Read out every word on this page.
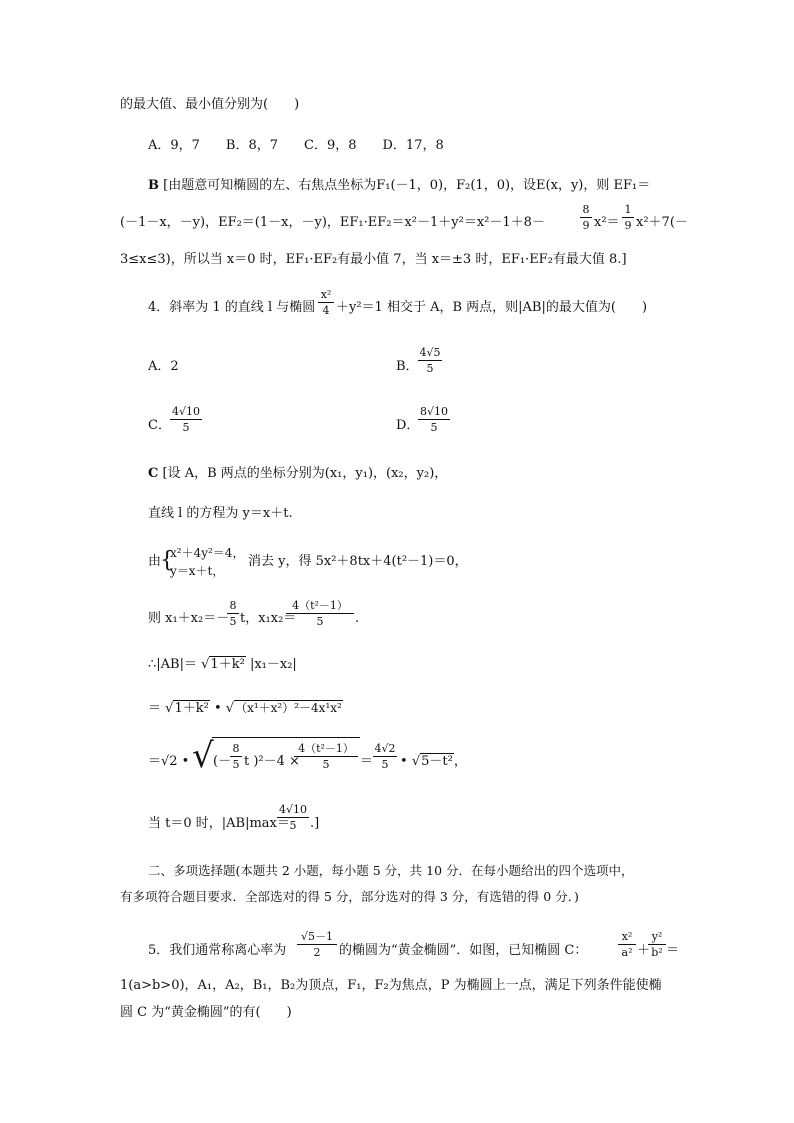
的最大值、最小值分别为(　　)
A．9，7　　B．8，7　　C．9，8　　D．17，8
B [由题意可知椭圆的左、右焦点坐标为F₁(－1，0)，F₂(1，0)，设E(x，y)，则 EF₁＝
(－1－x，－y)，EF₂＝(1－x，－y)，EF₁·EF₂＝x²－1＋y²＝x²－1＋8－
8
9 x²＝
1
9 x²＋7(－
3≤x≤3)，所以当 x＝0 时，EF₁·EF₂有最小值 7，当 x＝±3 时，EF₁·EF₂有最大值 8.]
4．斜率为 1 的直线 l 与椭圆
x²
4 ＋y²＝1 相交于 A，B 两点，则|AB|的最大值为(　　)
A．2	B．
4√5
5
C．
4√10
5	D．
8√10
5
C [设 A，B 两点的坐标分别为(x₁，y₁)，(x₂，y₂)，
直线 l 的方程为 y＝x＋t.
由
{
x²＋4y²＝4，
y＝x＋t，
消去 y，得 5x²＋8tx＋4(t²－1)＝0，
则 x₁＋x₂＝－
8
5 t，x₁x₂＝
4（t²－1）
5	.
∴|AB|＝ √1＋k² |x₁－x₂|
＝ √1＋k² • √（x¹＋x²）²－4x¹x²
＝√2 • √ (－
8
5 t )²－4 ×
4（t²－1）
5	＝
4√2
5 • √5－t²，
当 t＝0 时，|AB|max＝
4√10
5	.]
二、多项选择题(本题共 2 小题，每小题 5 分，共 10 分．在每小题给出的四个选项中，
有多项符合题目要求．全部选对的得 5 分，部分选对的得 3 分，有选错的得 0 分．)
5．我们通常称离心率为
√5－1
2	的椭圆为“黄金椭圆”．如图，已知椭圆 C：
x²
a² ＋
y²
b² ＝
1(a>b>0)，A₁，A₂，B₁，B₂为顶点，F₁，F₂为焦点，P 为椭圆上一点，满足下列条件能使椭
圆 C 为“黄金椭圆”的有(　　)
